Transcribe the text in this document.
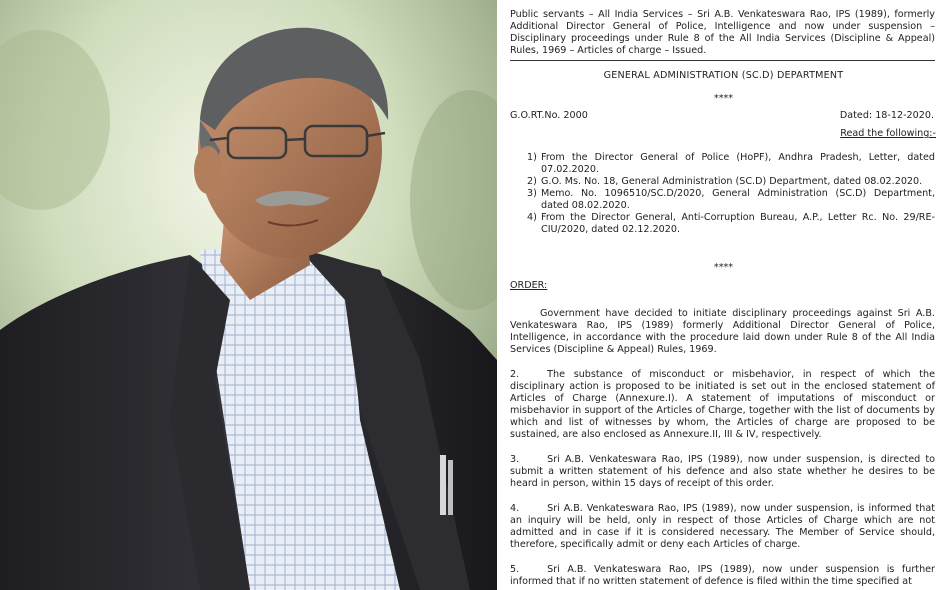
Public servants – All India Services – Sri A.B. Venkateswara Rao, IPS (1989), formerly Additional Director General of Police, Intelligence and now under suspension – Disciplinary proceedings under Rule 8 of the All India Services (Discipline & Appeal) Rules, 1969 – Articles of charge – Issued.
GENERAL ADMINISTRATION (SC.D) DEPARTMENT
****
G.O.RT.No. 2000	Dated: 18-12-2020.
Read the following:-
1) From the Director General of Police (HoPF), Andhra Pradesh, Letter, dated 07.02.2020.
2) G.O. Ms. No. 18, General Administration (SC.D) Department, dated 08.02.2020.
3) Memo. No. 1096510/SC.D/2020, General Administration (SC.D) Department, dated 08.02.2020.
4) From the Director General, Anti-Corruption Bureau, A.P., Letter Rc. No. 29/RE-CIU/2020, dated 02.12.2020.
****
ORDER:
Government have decided to initiate disciplinary proceedings against Sri A.B. Venkateswara Rao, IPS (1989) formerly Additional Director General of Police, Intelligence, in accordance with the procedure laid down under Rule 8 of the All India Services (Discipline & Appeal) Rules, 1969.
2.	The substance of misconduct or misbehavior, in respect of which the disciplinary action is proposed to be initiated is set out in the enclosed statement of Articles of Charge (Annexure.I). A statement of imputations of misconduct or misbehavior in support of the Articles of Charge, together with the list of documents by which and list of witnesses by whom, the Articles of charge are proposed to be sustained, are also enclosed as Annexure.II, III & IV, respectively.
3.	Sri A.B. Venkateswara Rao, IPS (1989), now under suspension, is directed to submit a written statement of his defence and also state whether he desires to be heard in person, within 15 days of receipt of this order.
4.	Sri A.B. Venkateswara Rao, IPS (1989), now under suspension, is informed that an inquiry will be held, only in respect of those Articles of Charge which are not admitted and in case if it is considered necessary. The Member of Service should, therefore, specifically admit or deny each Articles of charge.
5.	Sri A.B. Venkateswara Rao, IPS (1989), now under suspension is further informed that if no written statement of defence is filed within the time specified at
